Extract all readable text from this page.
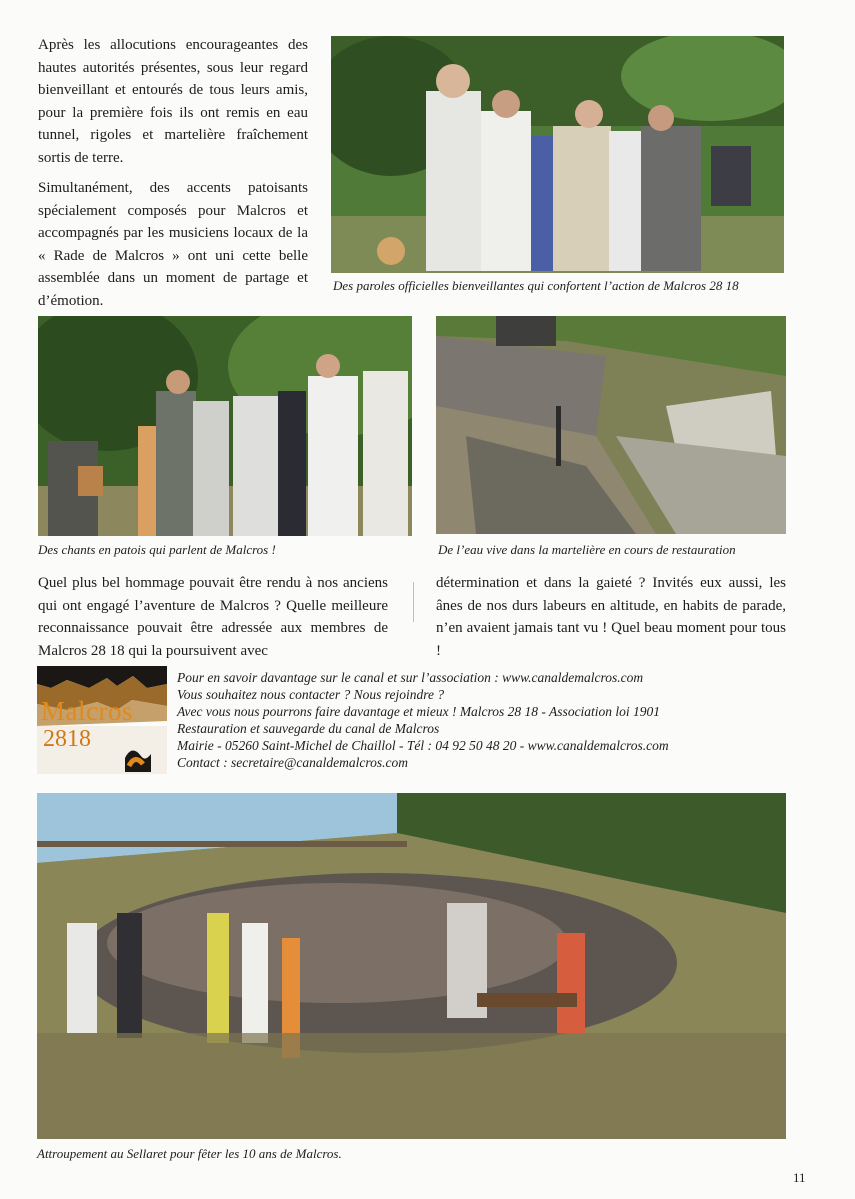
Après les allocutions encourageantes des hautes autorités présentes, sous leur regard bienveillant et entourés de tous leurs amis, pour la première fois ils ont remis en eau tunnel, rigoles et martelière fraîchement sortis de terre.

Simultanément, des accents patoisants spécialement composés pour Malcros et accompagnés par les musiciens locaux de la « Rade de Malcros » ont uni cette belle assemblée dans un moment de partage et d’émotion.

Des paroles officielles bienveillantes qui confortent l’action de Malcros 28 18

Des chants en patois qui parlent de Malcros !	De l’eau vive dans la martelière en cours de restauration

Quel plus bel hommage pouvait être rendu à nos anciens qui ont engagé l’aventure de Malcros ? Quelle meilleure reconnaissance pouvait être adressée aux membres de Malcros 28 18 qui la poursuivent avec

détermination et dans la gaieté ? Invités eux aussi, les ânes de nos durs labeurs en altitude, en habits de parade, n’en avaient jamais tant vu ! Quel beau moment pour tous !

Malcros
2818
Pour en savoir davantage sur le canal et sur l’association : www.canaldemalcros.com
Vous souhaitez nous contacter ? Nous rejoindre ?
Avec vous nous pourrons faire davantage et mieux ! Malcros 28 18 - Association loi 1901
Restauration et sauvegarde du canal de Malcros
Mairie - 05260 Saint-Michel de Chaillol - Tél : 04 92 50 48 20 - www.canaldemalcros.com
Contact : secretaire@canaldemalcros.com

Attroupement au Sellaret pour fêter les 10 ans de Malcros.

11
